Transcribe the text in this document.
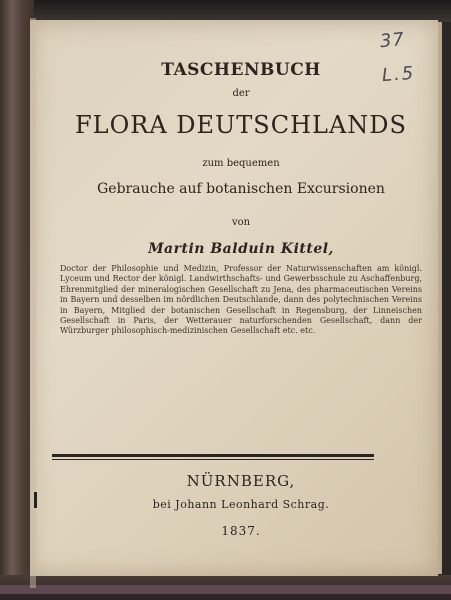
37
L.5
TASCHENBUCH
der
FLORA DEUTSCHLANDS
zum bequemen
Gebrauche auf botanischen Excursionen
von
Martin Balduin Kittel,
Doctor der Philosophie und Medizin, Professor der Naturwissenschaften am königl. Lyceum und Rector der königl. Landwirthschafts- und Gewerbsschule zu Aschaffenburg, Ehrenmitglied der mineralogischen Gesellschaft zu Jena, des pharmaceutischen Vereins in Bayern und desselben im nördlichen Deutschlande, dann des polytechnischen Vereins in Bayern, Mitglied der botanischen Gesellschaft in Regensburg, der Linneischen Gesellschaft in Paris, der Wetterauer naturforschenden Gesellschaft, dann der Würzburger philosophisch-medizinischen Gesellschaft etc. etc.
NÜRNBERG,
bei Johann Leonhard Schrag.
1837.
